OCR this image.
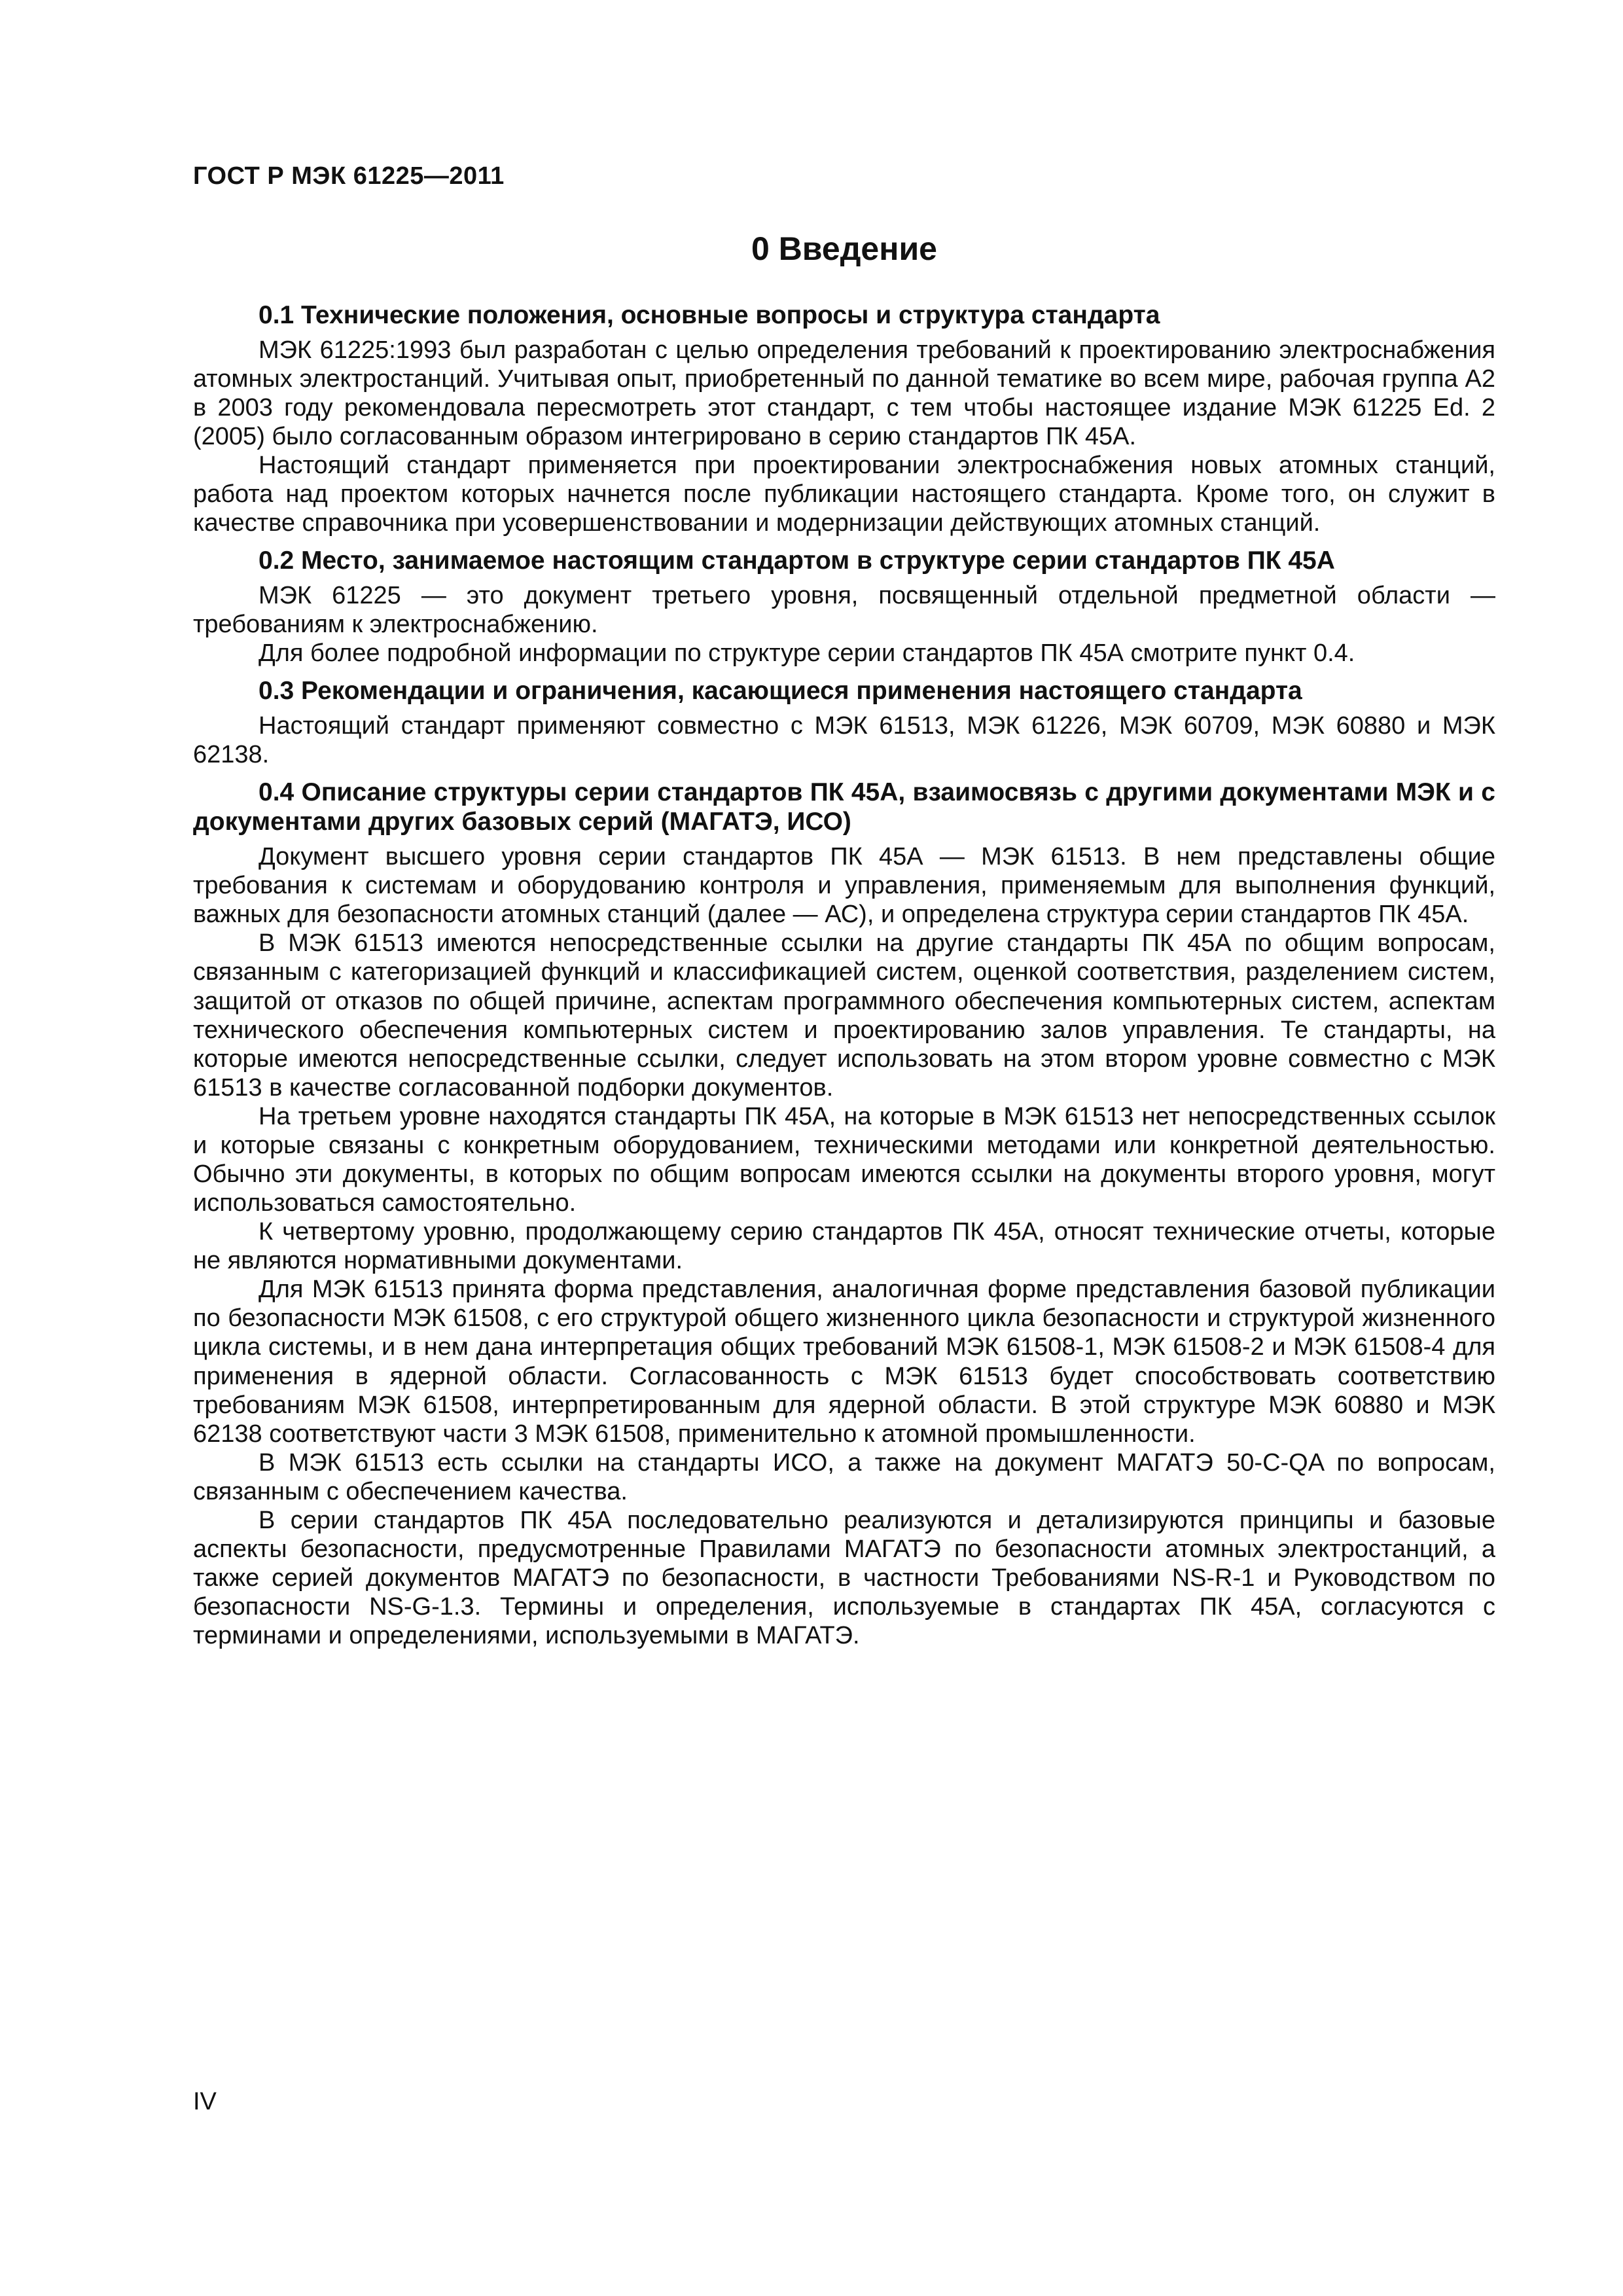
ГОСТ Р МЭК 61225—2011
0 Введение
0.1 Технические положения, основные вопросы и структура стандарта

МЭК 61225:1993 был разработан с целью определения требований к проектированию электроснабжения атомных электростанций. Учитывая опыт, приобретенный по данной тематике во всем мире, рабочая группа А2 в 2003 году рекомендовала пересмотреть этот стандарт, с тем чтобы настоящее издание МЭК 61225 Ed. 2 (2005) было согласованным образом интегрировано в серию стандартов ПК 45А.

Настоящий стандарт применяется при проектировании электроснабжения новых атомных станций, работа над проектом которых начнется после публикации настоящего стандарта. Кроме того, он служит в качестве справочника при усовершенствовании и модернизации действующих атомных станций.

0.2 Место, занимаемое настоящим стандартом в структуре серии стандартов ПК 45А

МЭК 61225 — это документ третьего уровня, посвященный отдельной предметной области — требованиям к электроснабжению.

Для более подробной информации по структуре серии стандартов ПК 45А смотрите пункт 0.4.

0.3 Рекомендации и ограничения, касающиеся применения настоящего стандарта

Настоящий стандарт применяют совместно с МЭК 61513, МЭК 61226, МЭК 60709, МЭК 60880 и МЭК 62138.

0.4 Описание структуры серии стандартов ПК 45А, взаимосвязь с другими документами МЭК и с документами других базовых серий (МАГАТЭ, ИСО)

Документ высшего уровня серии стандартов ПК 45А — МЭК 61513. В нем представлены общие требования к системам и оборудованию контроля и управления, применяемым для выполнения функций, важных для безопасности атомных станций (далее — АС), и определена структура серии стандартов ПК 45А.

В МЭК 61513 имеются непосредственные ссылки на другие стандарты ПК 45А по общим вопросам, связанным с категоризацией функций и классификацией систем, оценкой соответствия, разделением систем, защитой от отказов по общей причине, аспектам программного обеспечения компьютерных систем, аспектам технического обеспечения компьютерных систем и проектированию залов управления. Те стандарты, на которые имеются непосредственные ссылки, следует использовать на этом втором уровне совместно с МЭК 61513 в качестве согласованной подборки документов.

На третьем уровне находятся стандарты ПК 45А, на которые в МЭК 61513 нет непосредственных ссылок и которые связаны с конкретным оборудованием, техническими методами или конкретной деятельностью. Обычно эти документы, в которых по общим вопросам имеются ссылки на документы второго уровня, могут использоваться самостоятельно.

К четвертому уровню, продолжающему серию стандартов ПК 45А, относят технические отчеты, которые не являются нормативными документами.

Для МЭК 61513 принята форма представления, аналогичная форме представления базовой публикации по безопасности МЭК 61508, с его структурой общего жизненного цикла безопасности и структурой жизненного цикла системы, и в нем дана интерпретация общих требований МЭК 61508-1, МЭК 61508-2 и МЭК 61508-4 для применения в ядерной области. Согласованность с МЭК 61513 будет способствовать соответствию требованиям МЭК 61508, интерпретированным для ядерной области. В этой структуре МЭК 60880 и МЭК 62138 соответствуют части 3 МЭК 61508, применительно к атомной промышленности.

В МЭК 61513 есть ссылки на стандарты ИСО, а также на документ МАГАТЭ 50-С-QA по вопросам, связанным с обеспечением качества.

В серии стандартов ПК 45А последовательно реализуются и детализируются принципы и базовые аспекты безопасности, предусмотренные Правилами МАГАТЭ по безопасности атомных электростанций, а также серией документов МАГАТЭ по безопасности, в частности Требованиями NS-R-1 и Руководством по безопасности NS-G-1.3. Термины и определения, используемые в стандартах ПК 45А, согласуются с терминами и определениями, используемыми в МАГАТЭ.

IV
